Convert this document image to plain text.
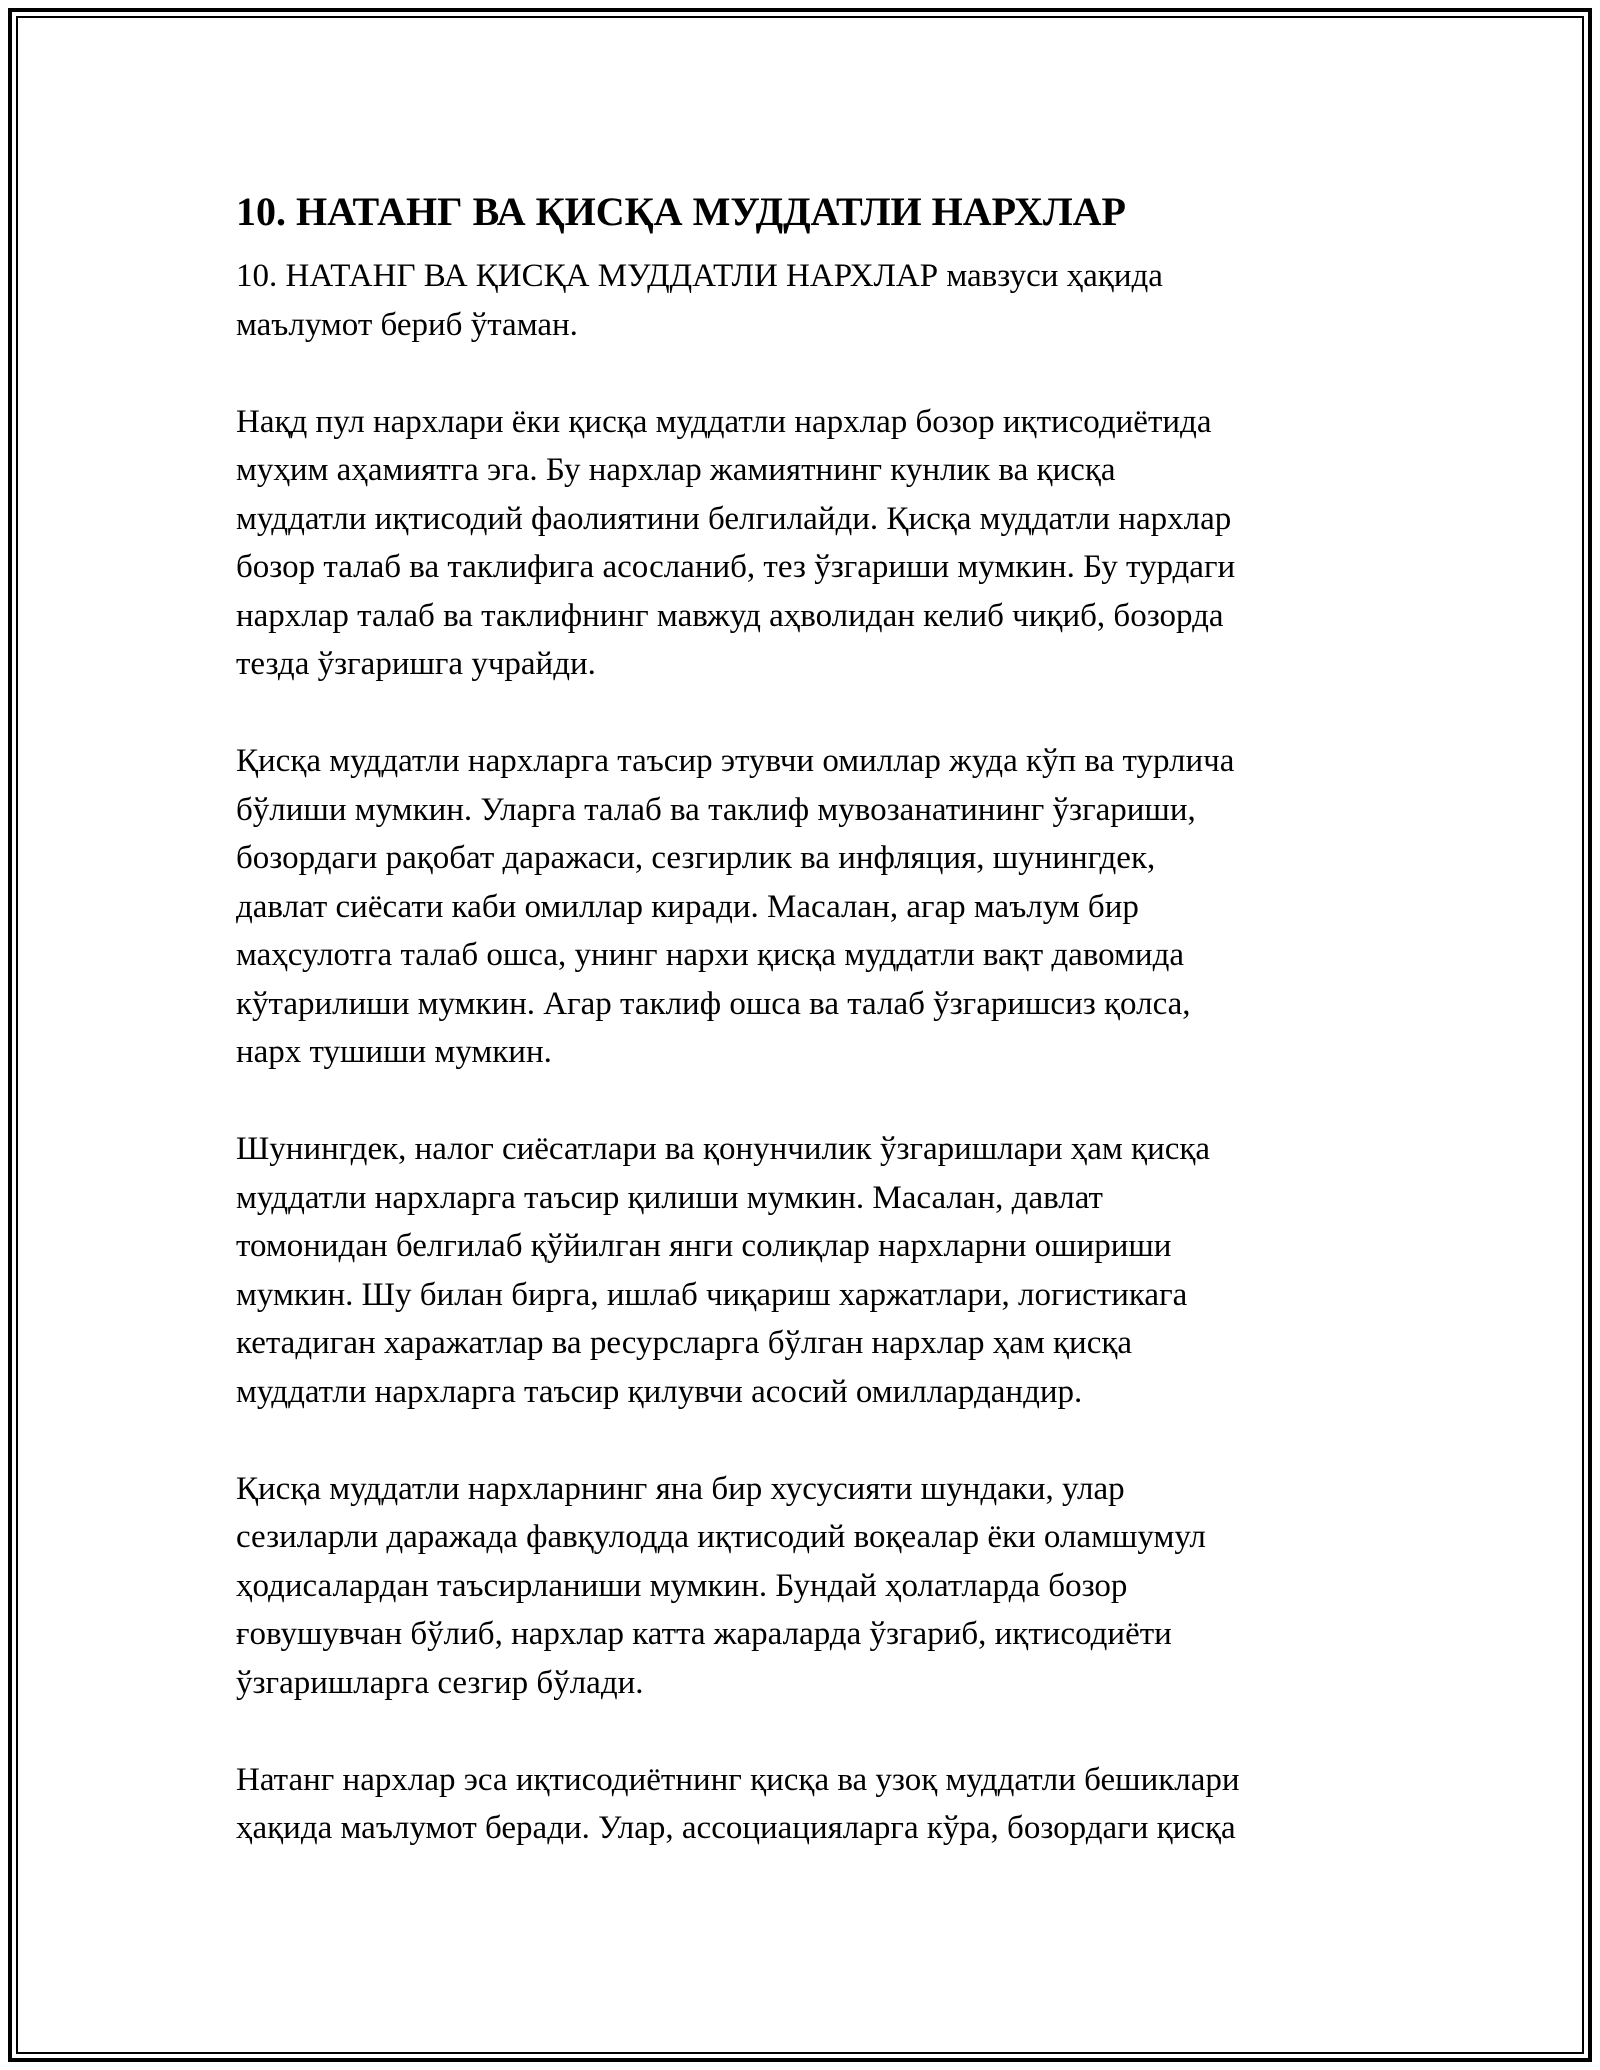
10. НАТАНГ ВА ҚИСҚА МУДДАТЛИ НАРХЛАР

10. НАТАНГ ВА ҚИСҚА МУДДАТЛИ НАРХЛАР мавзуси ҳақида
маълумот бериб ўтаман.

Нақд пул нархлари ёки қисқа муддатли нархлар бозор иқтисодиётида
муҳим аҳамиятга эга. Бу нархлар жамиятнинг кунлик ва қисқа
муддатли иқтисодий фаолиятини белгилайди. Қисқа муддатли нархлар
бозор талаб ва таклифига асосланиб, тез ўзгариши мумкин. Бу турдаги
нархлар талаб ва таклифнинг мавжуд аҳволидан келиб чиқиб, бозорда
тезда ўзгаришга учрайди.

Қисқа муддатли нархларга таъсир этувчи омиллар жуда кўп ва турлича
бўлиши мумкин. Уларга талаб ва таклиф мувозанатининг ўзгариши,
бозордаги рақобат даражаси, сезгирлик ва инфляция, шунингдек,
давлат сиёсати каби омиллар киради. Масалан, агар маълум бир
маҳсулотга талаб ошса, унинг нархи қисқа муддатли вақт давомида
кўтарилиши мумкин. Агар таклиф ошса ва талаб ўзгаришсиз қолса,
нарх тушиши мумкин.

Шунингдек, налог сиёсатлари ва қонунчилик ўзгаришлари ҳам қисқа
муддатли нархларга таъсир қилиши мумкин. Масалан, давлат
томонидан белгилаб қўйилган янги солиқлар нархларни ошириши
мумкин. Шу билан бирга, ишлаб чиқариш харжатлари, логистикага
кетадиган харажатлар ва ресурсларга бўлган нархлар ҳам қисқа
муддатли нархларга таъсир қилувчи асосий омиллардандир.

Қисқа муддатли нархларнинг яна бир хусусияти шундаки, улар
сезиларли даражада фавқулодда иқтисодий воқеалар ёки оламшумул
ҳодисалардан таъсирланиши мумкин. Бундай ҳолатларда бозор
ғовушувчан бўлиб, нархлар катта жараларда ўзгариб, иқтисодиёти
ўзгаришларга сезгир бўлади.

Натанг нархлар эса иқтисодиётнинг қисқа ва узоқ муддатли бешиклари
ҳақида маълумот беради. Улар, ассоциацияларга кўра, бозордаги қисқа
